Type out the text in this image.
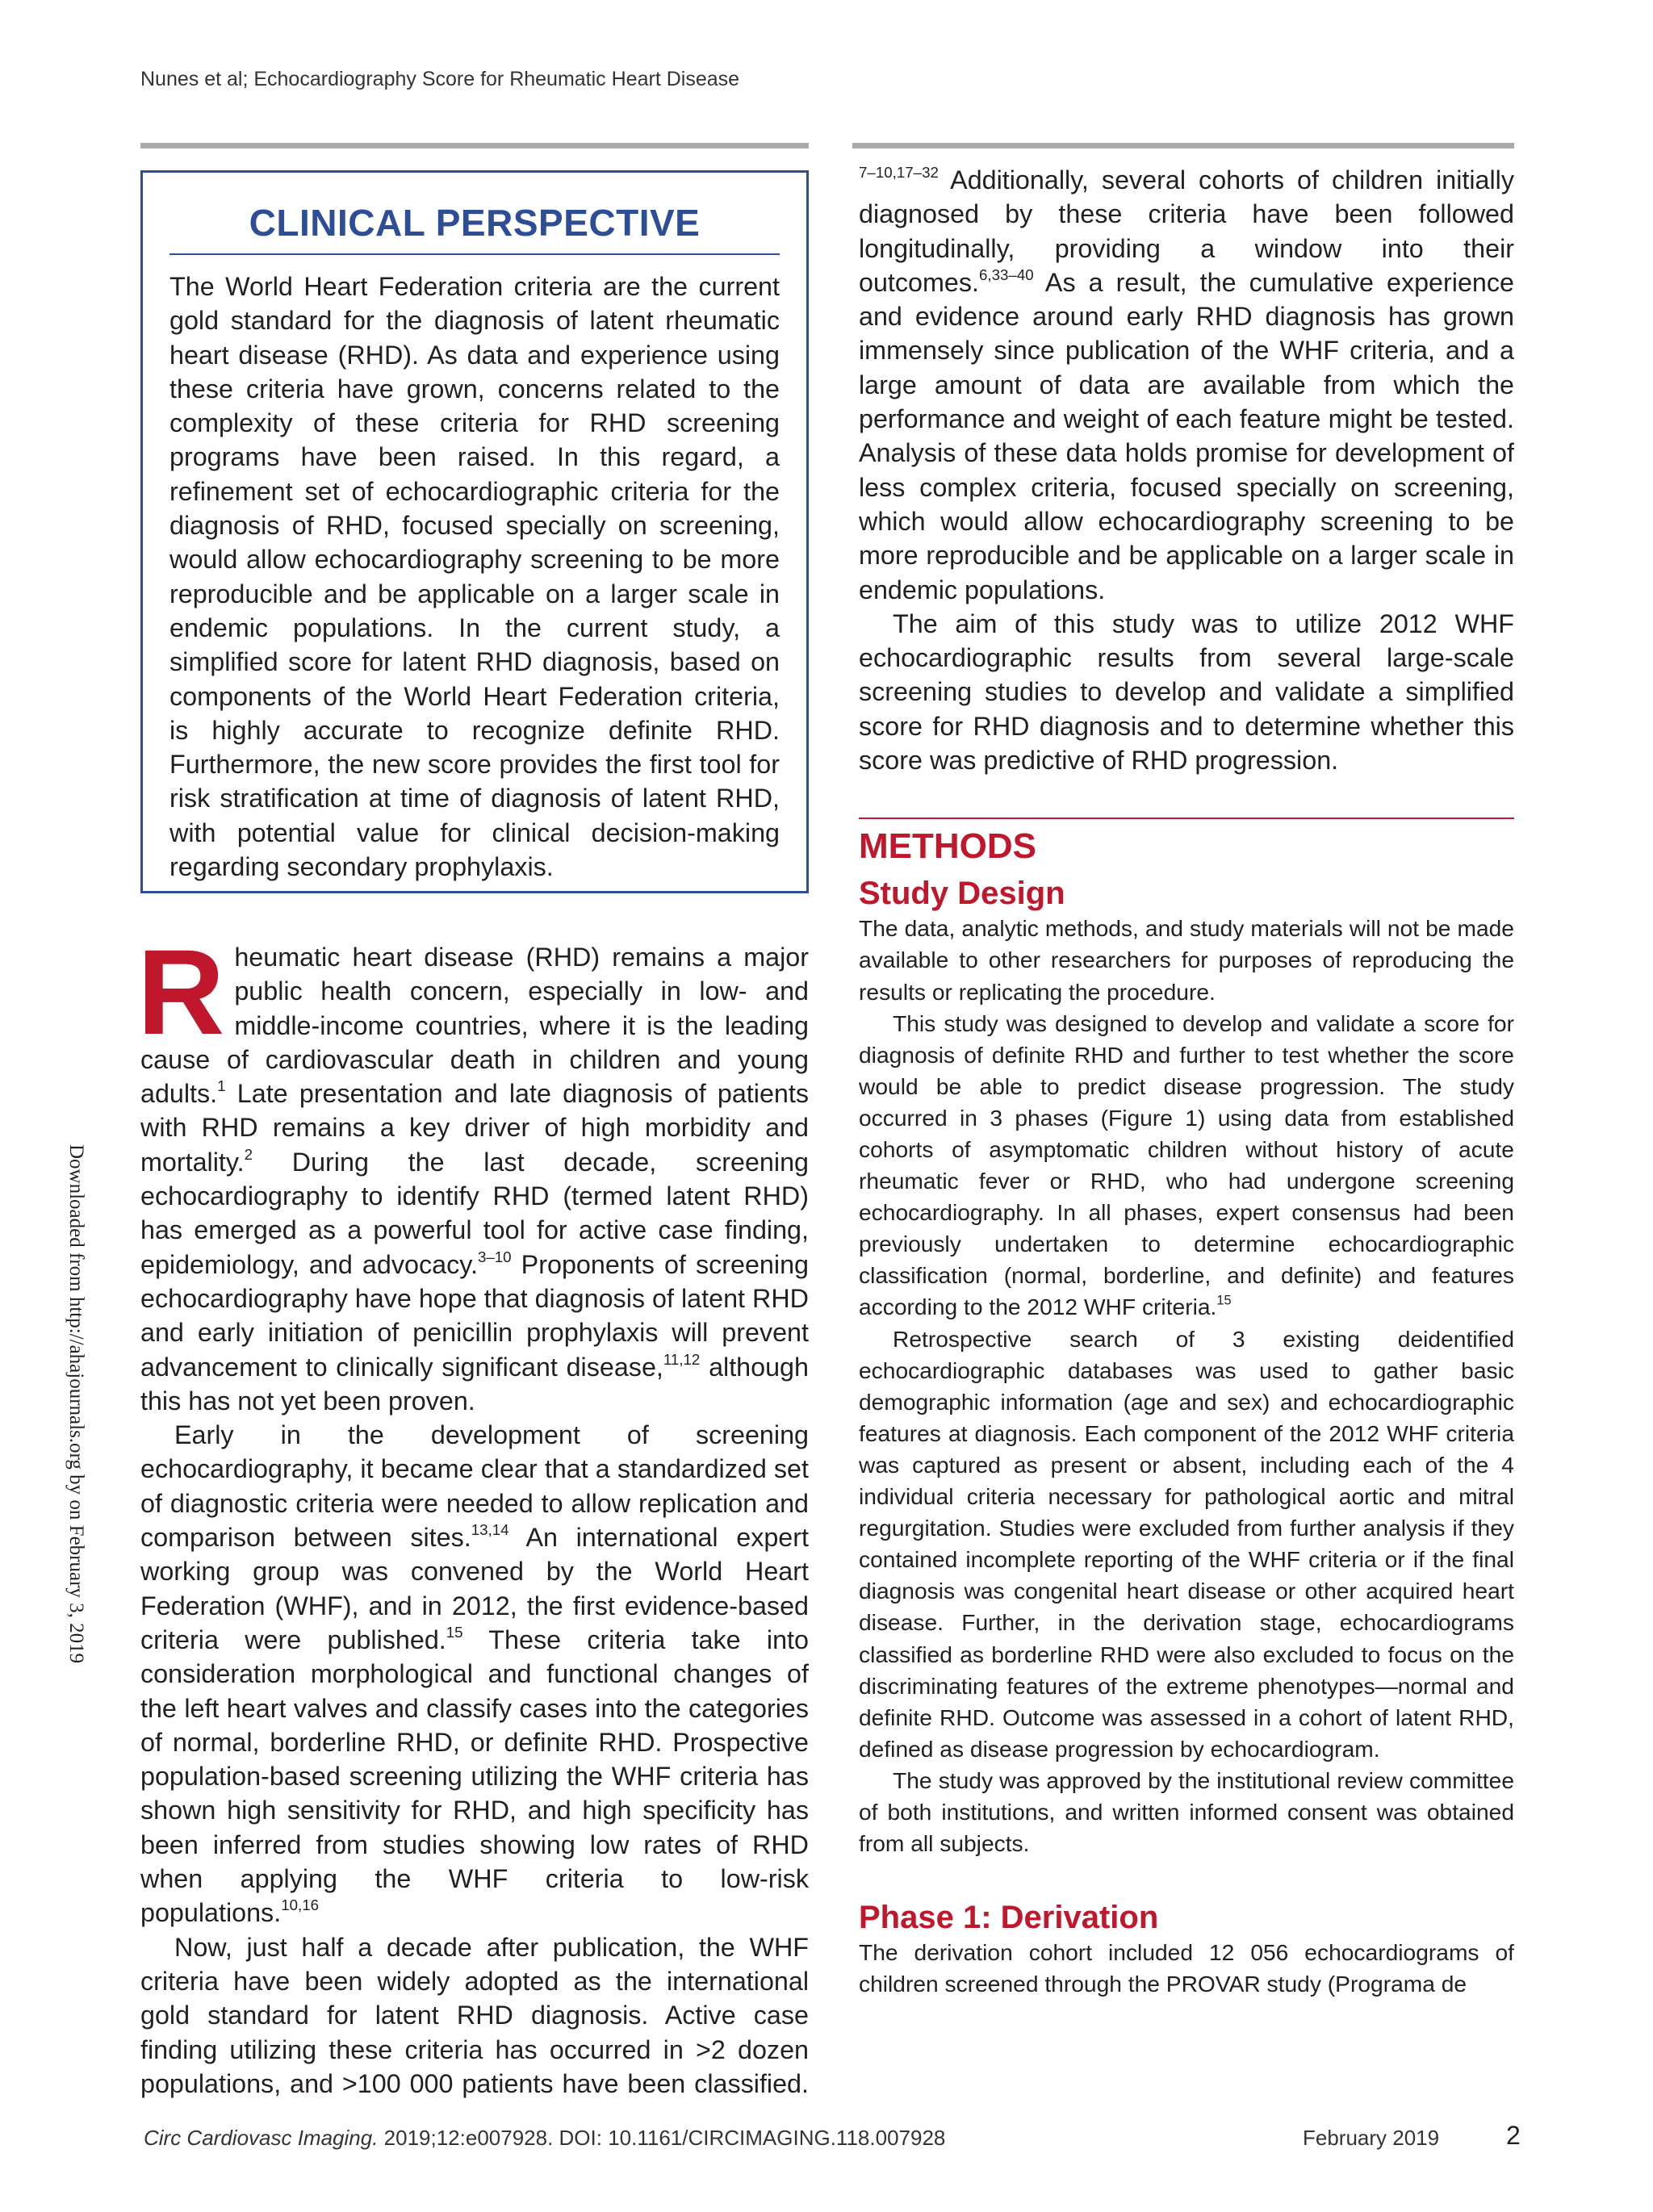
Nunes et al; Echocardiography Score for Rheumatic Heart Disease
CLINICAL PERSPECTIVE

The World Heart Federation criteria are the current gold standard for the diagnosis of latent rheumatic heart disease (RHD). As data and experience using these criteria have grown, concerns related to the complexity of these criteria for RHD screening programs have been raised. In this regard, a refinement set of echocardiographic criteria for the diagnosis of RHD, focused specially on screening, would allow echocardiography screening to be more reproducible and be applicable on a larger scale in endemic populations. In the current study, a simplified score for latent RHD diagnosis, based on components of the World Heart Federation criteria, is highly accurate to recognize definite RHD. Furthermore, the new score provides the first tool for risk stratification at time of diagnosis of latent RHD, with potential value for clinical decision-making regarding secondary prophylaxis.

Downloaded from http://ahajournals.org by on February 3, 2019

Rheumatic heart disease (RHD) remains a major public health concern, especially in low- and middle-income countries, where it is the leading cause of cardiovascular death in children and young adults.$^1$ Late presentation and late diagnosis of patients with RHD remains a key driver of high morbidity and mortality.$^2$ During the last decade, screening echocardiography to identify RHD (termed latent RHD) has emerged as a powerful tool for active case finding, epidemiology, and advocacy.$^{3-10}$ Proponents of screening echocardiography have hope that diagnosis of latent RHD and early initiation of penicillin prophylaxis will prevent advancement to clinically significant disease,$^{11,12}$ although this has not yet been proven.

Early in the development of screening echocardiography, it became clear that a standardized set of diagnostic criteria were needed to allow replication and comparison between sites.$^{13,14}$ An international expert working group was convened by the World Heart Federation (WHF), and in 2012, the first evidence-based criteria were published.$^{15}$ These criteria take into consideration morphological and functional changes of the left heart valves and classify cases into the categories of normal, borderline RHD, or definite RHD. Prospective population-based screening utilizing the WHF criteria has shown high sensitivity for RHD, and high specificity has been inferred from studies showing low rates of RHD when applying the WHF criteria to low-risk populations.$^{10,16}$

Now, just half a decade after publication, the WHF criteria have been widely adopted as the international gold standard for latent RHD diagnosis. Active case finding utilizing these criteria has occurred in >2 dozen populations, and >100 000 patients have been classified.

$^{7-10,17-32}$ Additionally, several cohorts of children initially diagnosed by these criteria have been followed longitudinally, providing a window into their outcomes.$^{6,33-40}$ As a result, the cumulative experience and evidence around early RHD diagnosis has grown immensely since publication of the WHF criteria, and a large amount of data are available from which the performance and weight of each feature might be tested. Analysis of these data holds promise for development of less complex criteria, focused specially on screening, which would allow echocardiography screening to be more reproducible and be applicable on a larger scale in endemic populations.

The aim of this study was to utilize 2012 WHF echocardiographic results from several large-scale screening studies to develop and validate a simplified score for RHD diagnosis and to determine whether this score was predictive of RHD progression.

METHODS
Study Design

The data, analytic methods, and study materials will not be made available to other researchers for purposes of reproducing the results or replicating the procedure.

This study was designed to develop and validate a score for diagnosis of definite RHD and further to test whether the score would be able to predict disease progression. The study occurred in 3 phases (Figure 1) using data from established cohorts of asymptomatic children without history of acute rheumatic fever or RHD, who had undergone screening echocardiography. In all phases, expert consensus had been previously undertaken to determine echocardiographic classification (normal, borderline, and definite) and features according to the 2012 WHF criteria.$^{15}$

Retrospective search of 3 existing deidentified echocardiographic databases was used to gather basic demographic information (age and sex) and echocardiographic features at diagnosis. Each component of the 2012 WHF criteria was captured as present or absent, including each of the 4 individual criteria necessary for pathological aortic and mitral regurgitation. Studies were excluded from further analysis if they contained incomplete reporting of the WHF criteria or if the final diagnosis was congenital heart disease or other acquired heart disease. Further, in the derivation stage, echocardiograms classified as borderline RHD were also excluded to focus on the discriminating features of the extreme phenotypes—normal and definite RHD. Outcome was assessed in a cohort of latent RHD, defined as disease progression by echocardiogram.

The study was approved by the institutional review committee of both institutions, and written informed consent was obtained from all subjects.

Phase 1: Derivation

The derivation cohort included 12 056 echocardiograms of children screened through the PROVAR study (Programa de

Circ Cardiovasc Imaging. 2019;12:e007928. DOI: 10.1161/CIRCIMAGING.118.007928	February 2019	2
